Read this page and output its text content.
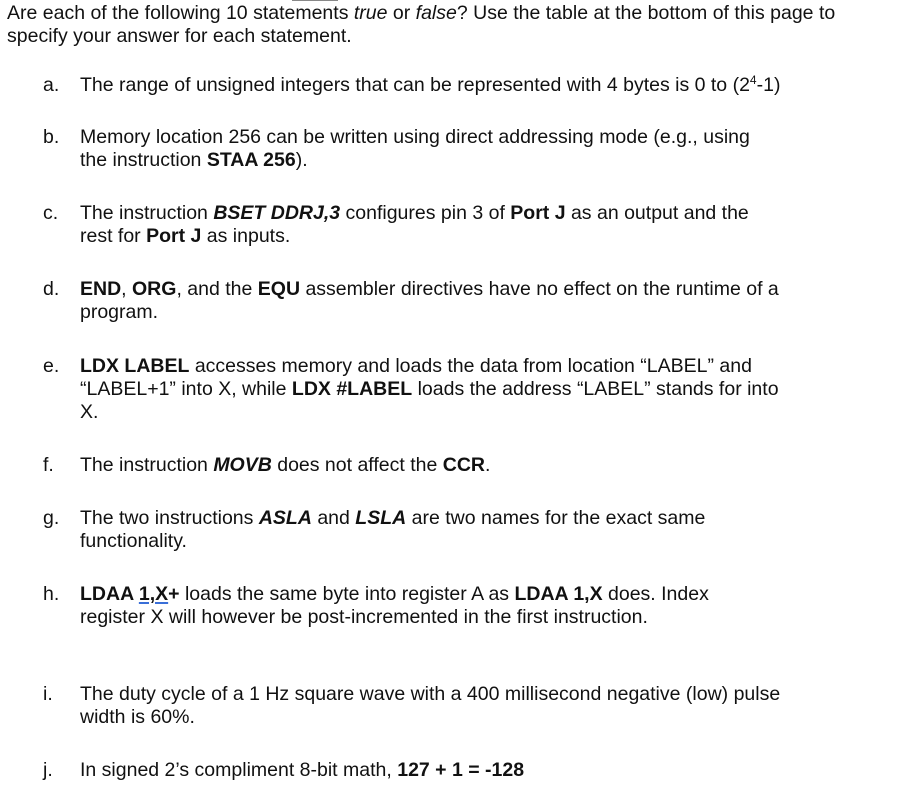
Are each of the following 10 statements true or false? Use the table at the bottom of this page to
specify your answer for each statement.
a. The range of unsigned integers that can be represented with 4 bytes is 0 to $(2^4-1)$
b. Memory location 256 can be written using direct addressing mode (e.g., using
the instruction STAA 256).
c. The instruction BSET DDRJ,3 configures pin 3 of Port J as an output and the
rest for Port J as inputs.
d. END, ORG, and the EQU assembler directives have no effect on the runtime of a
program.
e. LDX LABEL accesses memory and loads the data from location “LABEL” and
“LABEL+1” into X, while LDX #LABEL loads the address “LABEL” stands for into
X.
f. The instruction MOVB does not affect the CCR.
g. The two instructions ASLA and LSLA are two names for the exact same
functionality.
h. LDAA 1,X+ loads the same byte into register A as LDAA 1,X does. Index
register X will however be post-incremented in the first instruction.
i. The duty cycle of a 1 Hz square wave with a 400 millisecond negative (low) pulse
width is 60%.
j. In signed 2’s compliment 8-bit math, 127 + 1 = -128
